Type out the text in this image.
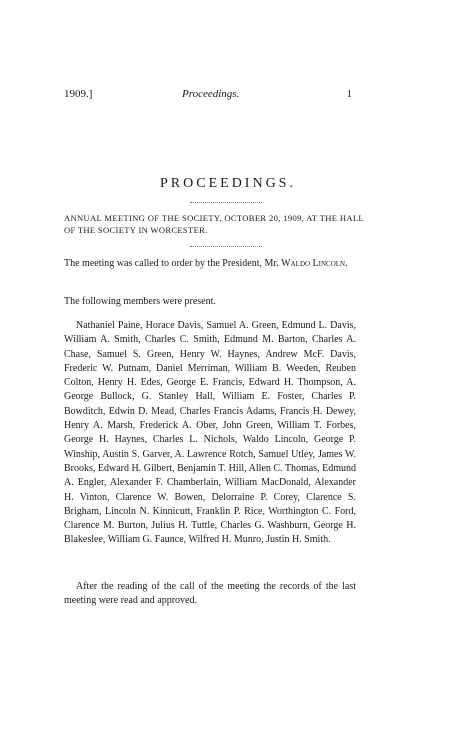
1909.]	Proceedings.	1
PROCEEDINGS.
ANNUAL MEETING OF THE SOCIETY, OCTOBER 20, 1909, AT THE HALL OF THE SOCIETY IN WORCESTER.

The meeting was called to order by the President, Mr. Waldo Lincoln.

The following members were present.

Nathaniel Paine, Horace Davis, Samuel A. Green, Edmund L. Davis, William A. Smith, Charles C. Smith, Edmund M. Barton, Charles A. Chase, Samuel S. Green, Henry W. Haynes, Andrew McF. Davis, Frederic W. Putnam, Daniel Merriman, William B. Weeden, Reuben Colton, Henry H. Edes, George E. Francis, Edward H. Thompson, A. George Bullock, G. Stanley Hall, William E. Foster, Charles P. Bowditch, Edwin D. Mead, Charles Francis Adams, Francis H. Dewey, Henry A. Marsh, Frederick A. Ober, John Green, William T. Forbes, George H. Haynes, Charles L. Nichols, Waldo Lincoln, George P. Winship, Austin S. Garver, A. Lawrence Rotch, Samuel Utley, James W. Brooks, Edward H. Gilbert, Benjamin T. Hill, Allen C. Thomas, Edmund A. Engler, Alexander F. Chamberlain, William MacDonald, Alexander H. Vinton, Clarence W. Bowen, Delorraine P. Corey, Clarence S. Brigham, Lincoln N. Kinnicutt, Franklin P. Rice, Worthington C. Ford, Clarence M. Burton, Julius H. Tuttle, Charles G. Washburn, George H. Blakeslee, William G. Faunce, Wilfred H. Munro, Justin H. Smith.

After the reading of the call of the meeting the records of the last meeting were read and approved.
